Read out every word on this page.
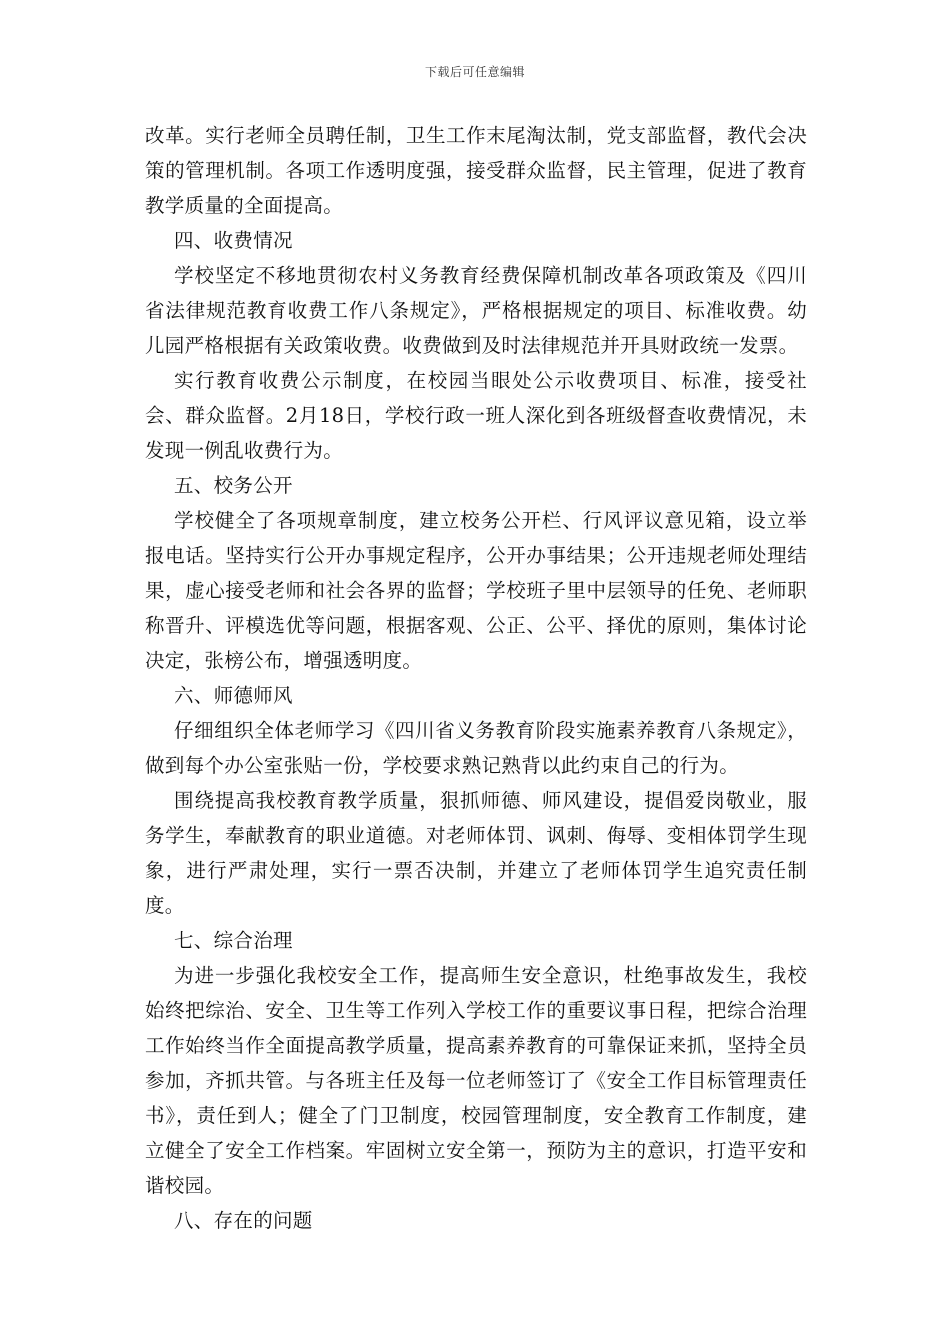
下载后可任意编辑

改革。实行老师全员聘任制，卫生工作末尾淘汰制，党支部监督，教代会决策的管理机制。各项工作透明度强，接受群众监督，民主管理，促进了教育教学质量的全面提高。

四、收费情况

学校坚定不移地贯彻农村义务教育经费保障机制改革各项政策及《四川省法律规范教育收费工作八条规定》，严格根据规定的项目、标准收费。幼儿园严格根据有关政策收费。收费做到及时法律规范并开具财政统一发票。

实行教育收费公示制度，在校园当眼处公示收费项目、标准，接受社会、群众监督。2月18日，学校行政一班人深化到各班级督查收费情况，未发现一例乱收费行为。

五、校务公开

学校健全了各项规章制度，建立校务公开栏、行风评议意见箱，设立举报电话。坚持实行公开办事规定程序，公开办事结果；公开违规老师处理结果，虚心接受老师和社会各界的监督；学校班子里中层领导的任免、老师职称晋升、评模选优等问题，根据客观、公正、公平、择优的原则，集体讨论决定，张榜公布，增强透明度。

六、师德师风

仔细组织全体老师学习《四川省义务教育阶段实施素养教育八条规定》，做到每个办公室张贴一份，学校要求熟记熟背以此约束自己的行为。

围绕提高我校教育教学质量，狠抓师德、师风建设，提倡爱岗敬业，服务学生，奉献教育的职业道德。对老师体罚、讽刺、侮辱、变相体罚学生现象，进行严肃处理，实行一票否决制，并建立了老师体罚学生追究责任制度。

七、综合治理

为进一步强化我校安全工作，提高师生安全意识，杜绝事故发生，我校始终把综治、安全、卫生等工作列入学校工作的重要议事日程，把综合治理工作始终当作全面提高教学质量，提高素养教育的可靠保证来抓，坚持全员参加，齐抓共管。与各班主任及每一位老师签订了《安全工作目标管理责任书》，责任到人；健全了门卫制度，校园管理制度，安全教育工作制度，建立健全了安全工作档案。牢固树立安全第一，预防为主的意识，打造平安和谐校园。

八、存在的问题
